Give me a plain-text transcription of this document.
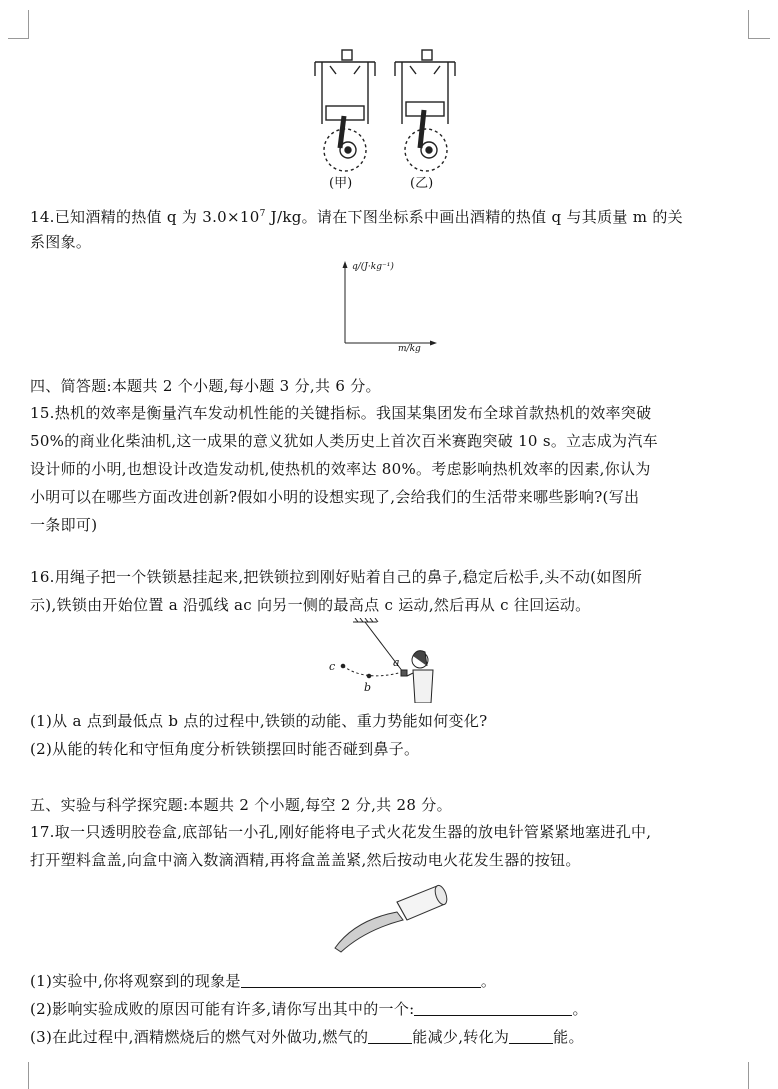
(甲)	(乙)
14.已知酒精的热值 q 为 $3.0\times 10^7$ J/kg。请在下图坐标系中画出酒精的热值 q 与其质量 m 的关
系图象。
q/(J·kg⁻¹)
m/kg
四、简答题:本题共 2 个小题,每小题 3 分,共 6 分。
15.热机的效率是衡量汽车发动机性能的关键指标。我国某集团发布全球首款热机的效率突破
50%的商业化柴油机,这一成果的意义犹如人类历史上首次百米赛跑突破 10 s。立志成为汽车
设计师的小明,也想设计改造发动机,使热机的效率达 80%。考虑影响热机效率的因素,你认为
小明可以在哪些方面改进创新?假如小明的设想实现了,会给我们的生活带来哪些影响?(写出
一条即可)
16.用绳子把一个铁锁悬挂起来,把铁锁拉到刚好贴着自己的鼻子,稳定后松手,头不动(如图所
示),铁锁由开始位置 a 沿弧线 ac 向另一侧的最高点 c 运动,然后再从 c 往回运动。
c	a
b
(1)从 a 点到最低点 b 点的过程中,铁锁的动能、重力势能如何变化?
(2)从能的转化和守恒角度分析铁锁摆回时能否碰到鼻子。
五、实验与科学探究题:本题共 2 个小题,每空 2 分,共 28 分。
17.取一只透明胶卷盒,底部钻一小孔,刚好能将电子式火花发生器的放电针管紧紧地塞进孔中,
打开塑料盒盖,向盒中滴入数滴酒精,再将盒盖盖紧,然后按动电火花发生器的按钮。
(1)实验中,你将观察到的现象是	。
(2)影响实验成败的原因可能有许多,请你写出其中的一个:	。
(3)在此过程中,酒精燃烧后的燃气对外做功,燃气的	能减少,转化为	能。
